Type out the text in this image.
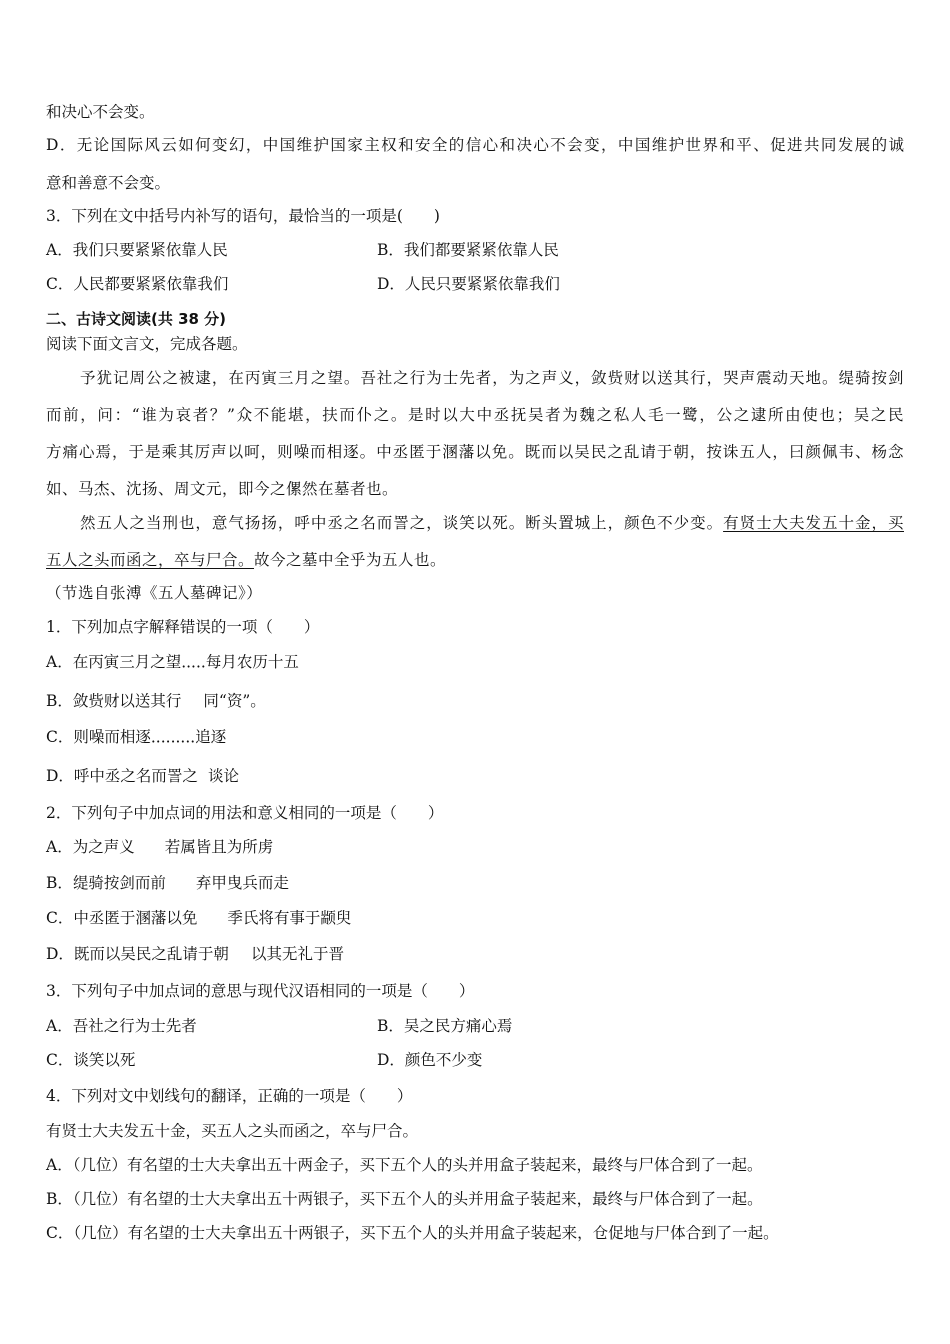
和决心不会变。
D．无论国际风云如何变幻，中国维护国家主权和安全的信心和决心不会变，中国维护世界和平、促进共同发展的诚
意和善意不会变。
3．下列在文中括号内补写的语句，最恰当的一项是(　　)
A．我们只要紧紧依靠人民	B．我们都要紧紧依靠人民
C．人民都要紧紧依靠我们	D．人民只要紧紧依靠我们
二、古诗文阅读(共 38 分)
阅读下面文言文，完成各题。
予犹记周公之被逮，在丙寅三月之望。吾社之行为士先者，为之声义，敛赀财以送其行，哭声震动天地。缇骑按剑
而前，问：“谁为哀者？”众不能堪，扶而仆之。是时以大中丞抚吴者为魏之私人毛一鹭，公之逮所由使也；吴之民
方痛心焉，于是乘其厉声以呵，则噪而相逐。中丞匿于溷藩以免。既而以吴民之乱请于朝，按诛五人，曰颜佩韦、杨念
如、马杰、沈扬、周文元，即今之傫然在墓者也。
然五人之当刑也，意气扬扬，呼中丞之名而詈之，谈笑以死。断头置城上，颜色不少变。有贤士大夫发五十金，买
五人之头而函之，卒与尸合。故今之墓中全乎为五人也。
（节选自张溥《五人墓碑记》）
1．下列加点字解释错误的一项（　　）
A．在丙寅三月之望·····每月农历十五
B．敛赀财以送其行 同“资”。
C．则噪而相逐·········追逐
D．呼中丞之名而詈之 谈论
2．下列句子中加点词的用法和意义相同的一项是（　　）
A．为之声义 若属皆且为所虏
B．缇骑按剑而前 弃甲曳兵而走
C．中丞匿于溷藩以免 季氏将有事于颛臾
D．既而以吴民之乱请于朝 以其无礼于晋
3．下列句子中加点词的意思与现代汉语相同的一项是（　　）
A．吾社之行为士先者	B．吴之民方痛心焉
C．谈笑以死	D．颜色不少变
4．下列对文中划线句的翻译，正确的一项是（　　）
有贤士大夫发五十金，买五人之头而函之，卒与尸合。
A．（几位）有名望的士大夫拿出五十两金子，买下五个人的头并用盒子装起来，最终与尸体合到了一起。
B．（几位）有名望的士大夫拿出五十两银子，买下五个人的头并用盒子装起来，最终与尸体合到了一起。
C．（几位）有名望的士大夫拿出五十两银子，买下五个人的头并用盒子装起来，仓促地与尸体合到了一起。
